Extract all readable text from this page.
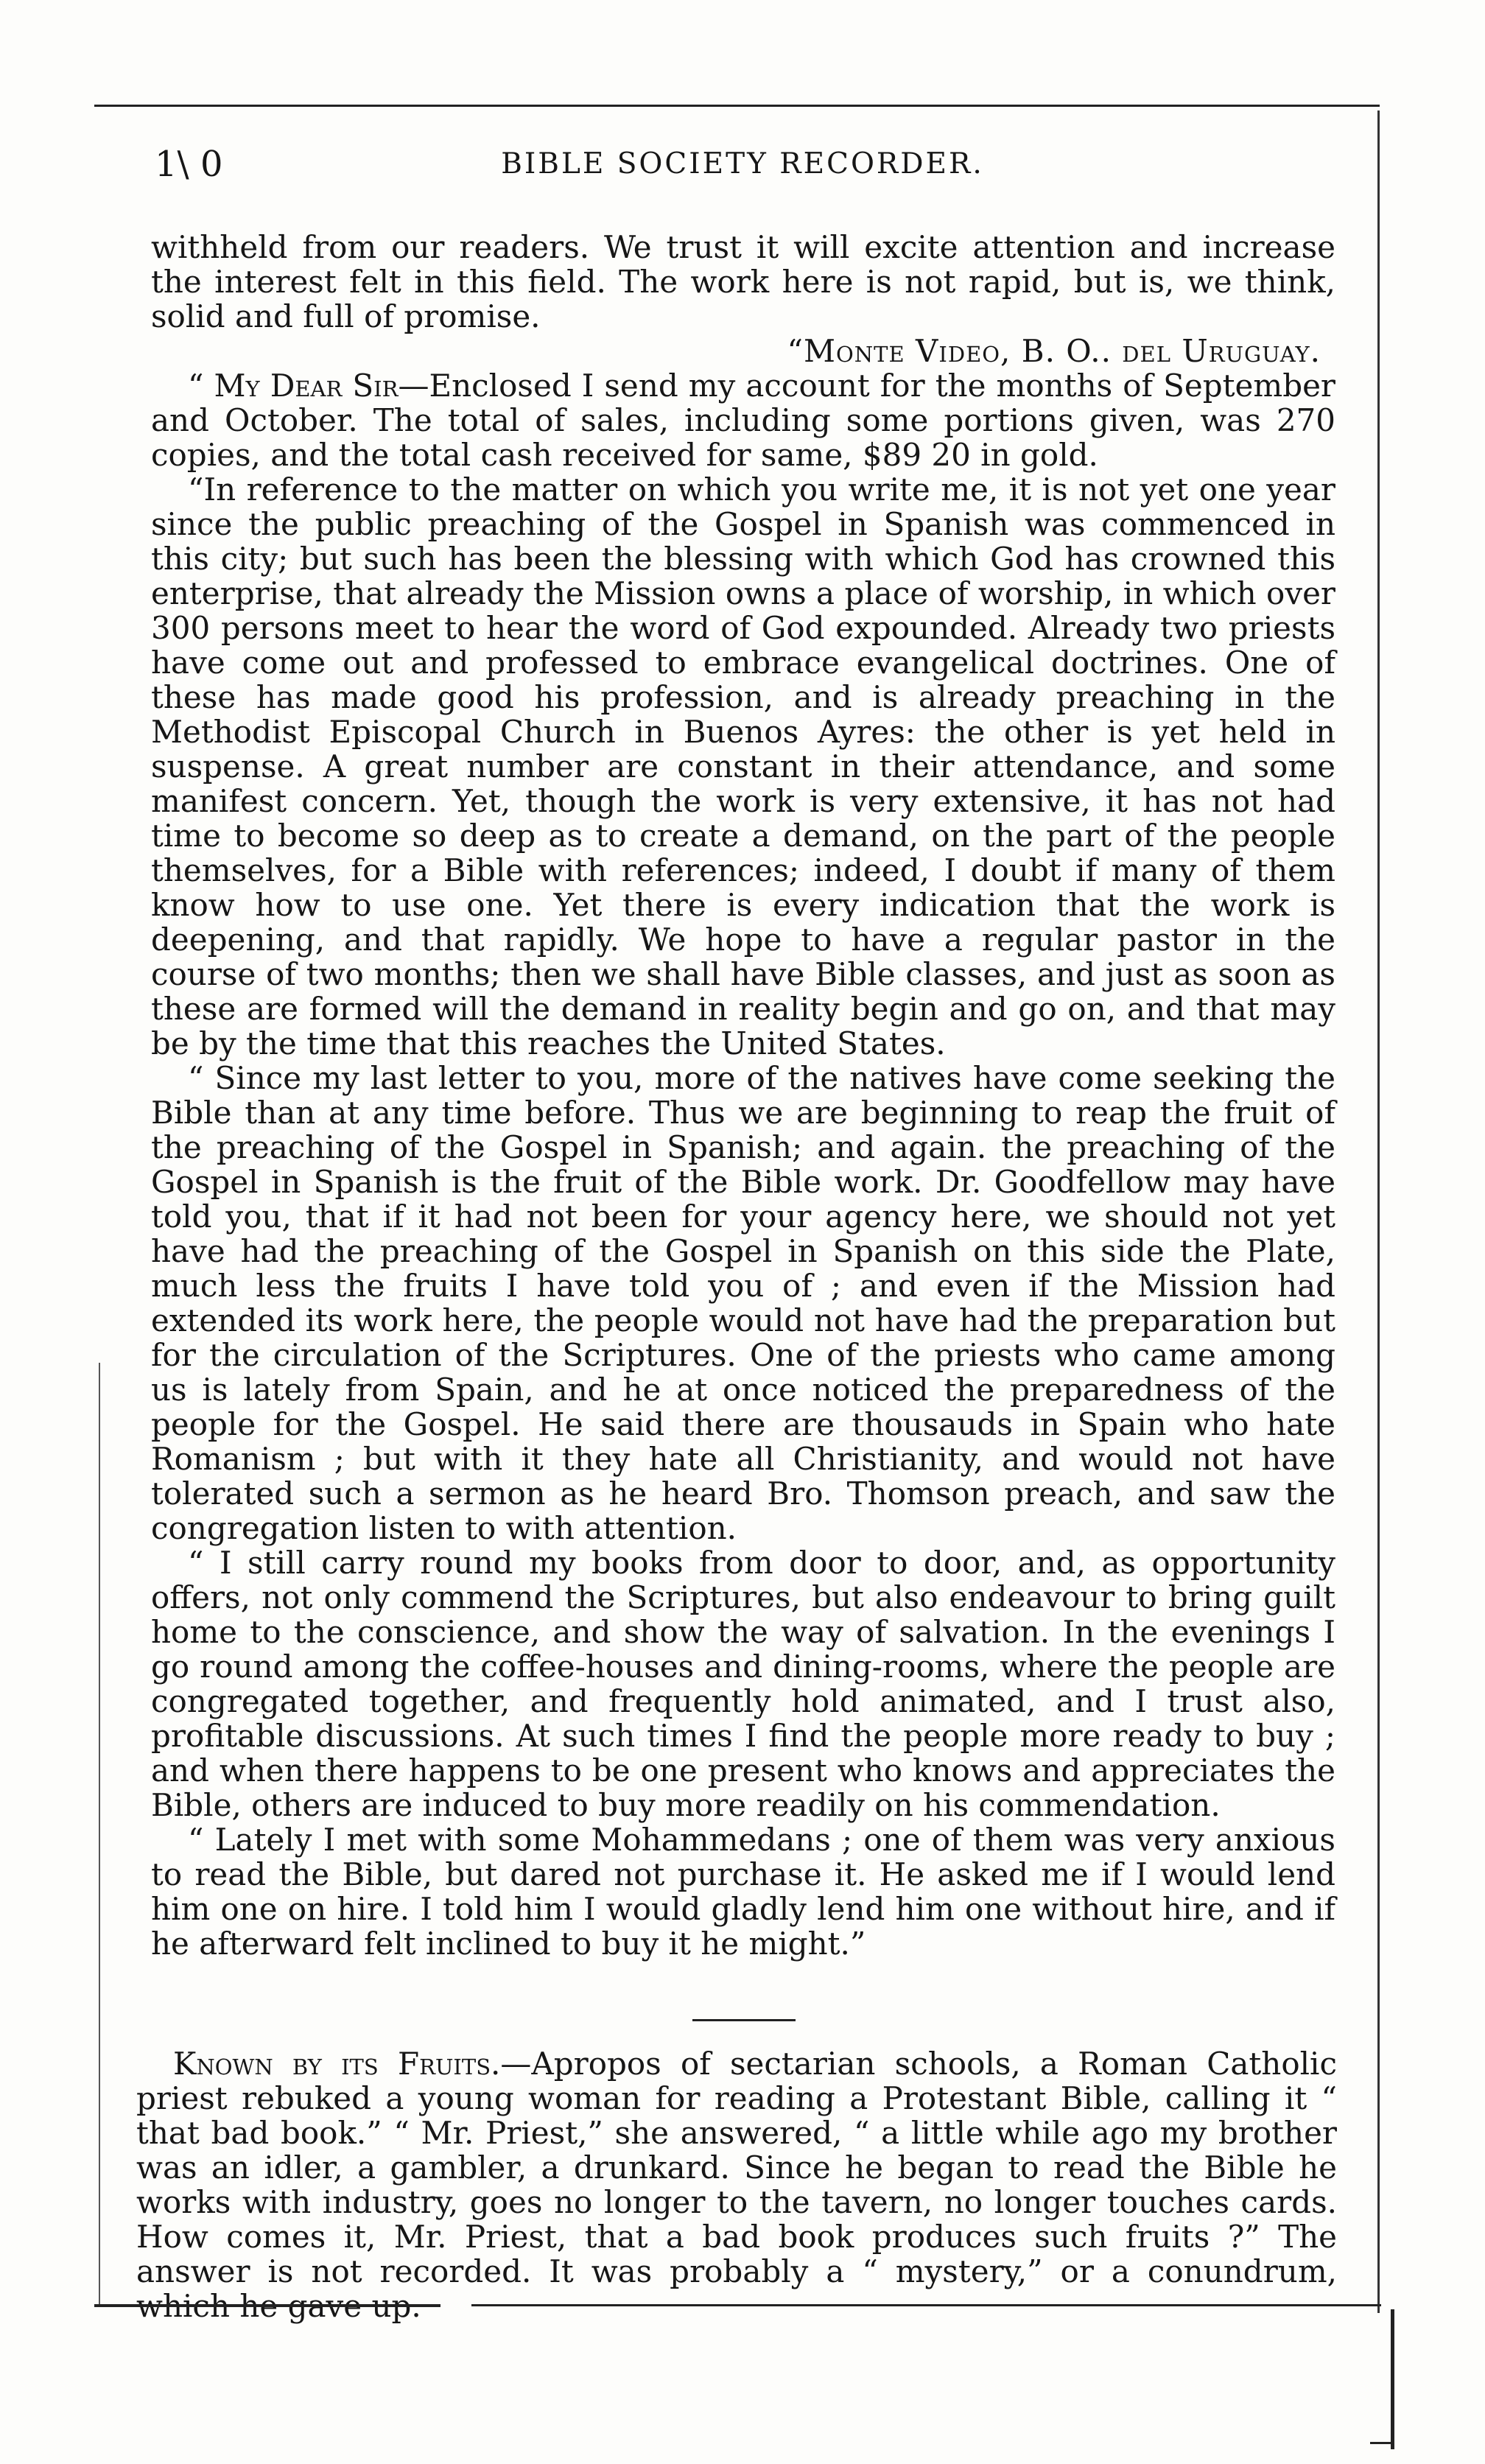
1\ 0	BIBLE SOCIETY RECORDER.

withheld from our readers. We trust it will excite attention and increase the interest felt in this field. The work here is not rapid, but is, we think, solid and full of promise.

“Monte Video, B. O.. del Uruguay.

“ My Dear Sir—Enclosed I send my account for the months of September and October. The total of sales, including some portions given, was 270 copies, and the total cash received for same, $89 20 in gold.

“In reference to the matter on which you write me, it is not yet one year since the public preaching of the Gospel in Spanish was commenced in this city; but such has been the blessing with which God has crowned this enterprise, that already the Mission owns a place of worship, in which over 300 persons meet to hear the word of God expounded. Already two priests have come out and professed to embrace evangelical doctrines. One of these has made good his profession, and is already preaching in the Methodist Episcopal Church in Buenos Ayres: the other is yet held in suspense. A great number are constant in their attendance, and some manifest concern. Yet, though the work is very extensive, it has not had time to become so deep as to create a demand, on the part of the people themselves, for a Bible with references; indeed, I doubt if many of them know how to use one. Yet there is every indication that the work is deepening, and that rapidly. We hope to have a regular pastor in the course of two months; then we shall have Bible classes, and just as soon as these are formed will the demand in reality begin and go on, and that may be by the time that this reaches the United States.

“ Since my last letter to you, more of the natives have come seeking the Bible than at any time before. Thus we are beginning to reap the fruit of the preaching of the Gospel in Spanish; and again. the preaching of the Gospel in Spanish is the fruit of the Bible work. Dr. Goodfellow may have told you, that if it had not been for your agency here, we should not yet have had the preaching of the Gospel in Spanish on this side the Plate, much less the fruits I have told you of ; and even if the Mission had extended its work here, the people would not have had the preparation but for the circulation of the Scriptures. One of the priests who came among us is lately from Spain, and he at once noticed the preparedness of the people for the Gospel. He said there are thousauds in Spain who hate Romanism ; but with it they hate all Christianity, and would not have tolerated such a sermon as he heard Bro. Thomson preach, and saw the congregation listen to with attention.

“ I still carry round my books from door to door, and, as opportunity offers, not only commend the Scriptures, but also endeavour to bring guilt home to the conscience, and show the way of salvation. In the evenings I go round among the coffee-houses and dining-rooms, where the people are congregated together, and frequently hold animated, and I trust also, profitable discussions. At such times I find the people more ready to buy ; and when there happens to be one present who knows and appreciates the Bible, others are induced to buy more readily on his commendation.

“ Lately I met with some Mohammedans ; one of them was very anxious to read the Bible, but dared not purchase it. He asked me if I would lend him one on hire. I told him I would gladly lend him one without hire, and if he afterward felt inclined to buy it he might.”

Known by its Fruits.—Apropos of sectarian schools, a Roman Catholic priest rebuked a young woman for reading a Protestant Bible, calling it “ that bad book.” “ Mr. Priest,” she answered, “ a little while ago my brother was an idler, a gambler, a drunkard. Since he began to read the Bible he works with industry, goes no longer to the tavern, no longer touches cards. How comes it, Mr. Priest, that a bad book produces such fruits ?” The answer is not recorded. It was probably a “ mystery,” or a conundrum, which he gave up.
